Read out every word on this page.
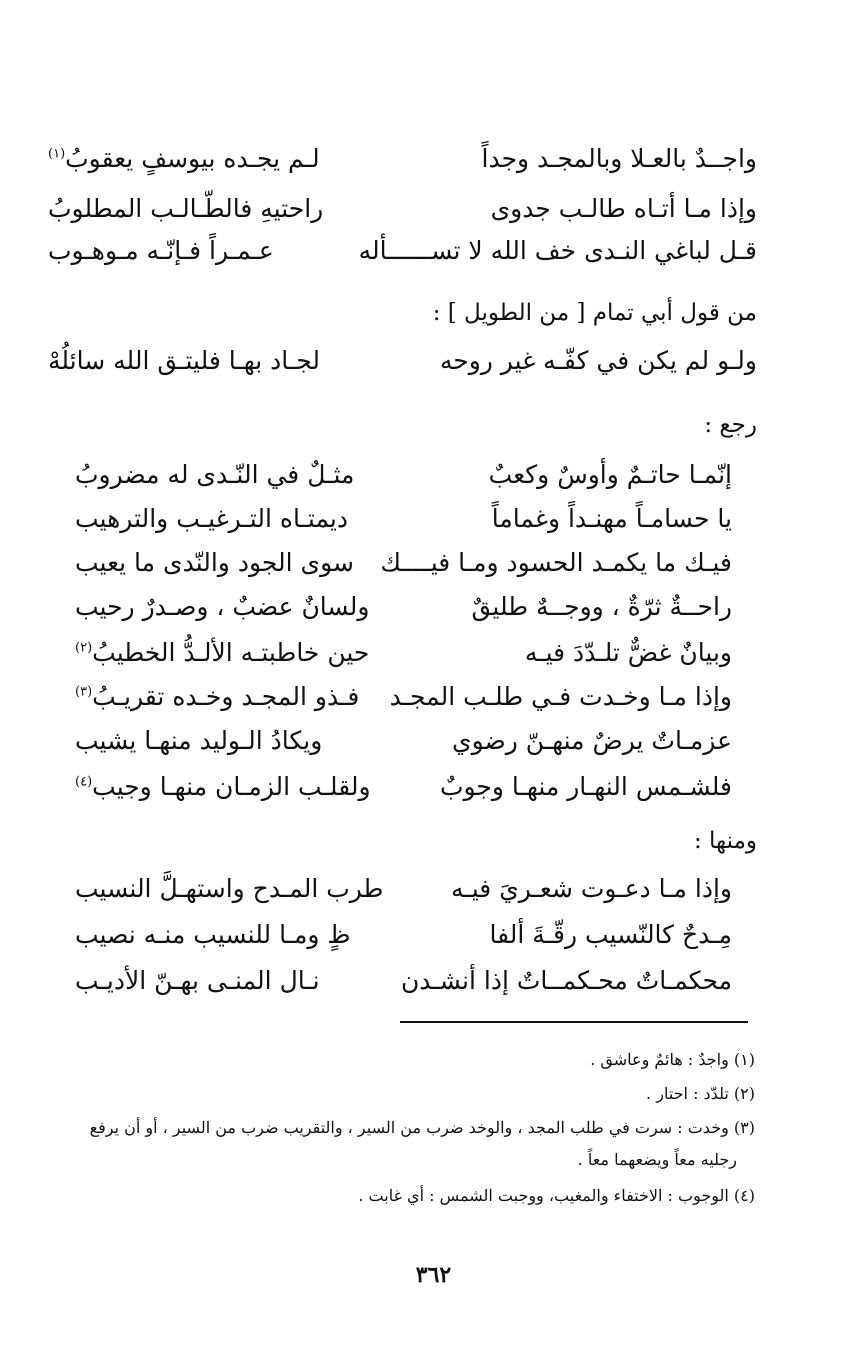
واجــدٌ بالعـلا وبالمجـد وجداً
لـم يجـده بيوسفٍ يعقوبُ$^{(١)}$
وإذا مـا أتـاه طالـب جدوى
راحتيهِ فالطّـالـب المطلوبُ
قـل لباغي النـدى خف الله لا تســــــأله
عـمـراً فـإنّـه مـوهـوب
من قول أبي تمام [ من الطويل ] :
ولـو لم يكن في كفّـه غير روحه
لجـاد بهـا فليتـق الله سائلُهْ
رجع :
إنّمـا حاتـمٌ وأوسٌ وكعبٌ
مثـلٌ في النّـدى له مضروبُ
يا حسامـاً مهنـداً وغماماً
ديمتـاه التـرغيـب والترهيب
فيـك ما يكمـد الحسود ومـا فيــــك
سوى الجود والنّدى ما يعيب
راحــةٌ ثرّةٌ ، ووجــهٌ طليقٌ
ولسانٌ عضبٌ ، وصـدرٌ رحيب
وبيانٌ غضٌّ تلـدّدَ فيـه
حين خاطبتـه الألـدُّ الخطيبُ$^{(٢)}$
وإذا مـا وخـدت فـي طلـب المجـد
فـذو المجـد وخـده تقريـبُ$^{(٣)}$
عزمـاتٌ يرضٌ منهـنّ رضوي
ويكادُ الـوليد منهـا يشيب
فلشـمس النهـار منهـا وجوبٌ
ولقلـب الزمـان منهـا وجيب$^{(٤)}$
ومنها :
وإذا مـا دعـوت شعـريَ فيـه
طرب المـدح واستهـلَّ النسيب
مِـدحٌ كالنّسيب رقّـةَ ألفا
ظٍ ومـا للنسيب منـه نصيب
محكمـاتٌ محـكمــاتٌ إذا أنشـدن
نـال المنـى بهـنّ الأديـب
(١) واجدٌ : هائمٌ وعاشق .
(٢) تلدّد : احتار .
(٣) وخدت : سرت في طلب المجد ، والوخد ضرب من السير ، والتقريب ضرب من السير ، أو أن يرفع
رجليه معاً ويضعهما معاً .
(٤) الوجوب : الاختفاء والمغيب، ووجبت الشمس : أي غابت .
٣٦٢
